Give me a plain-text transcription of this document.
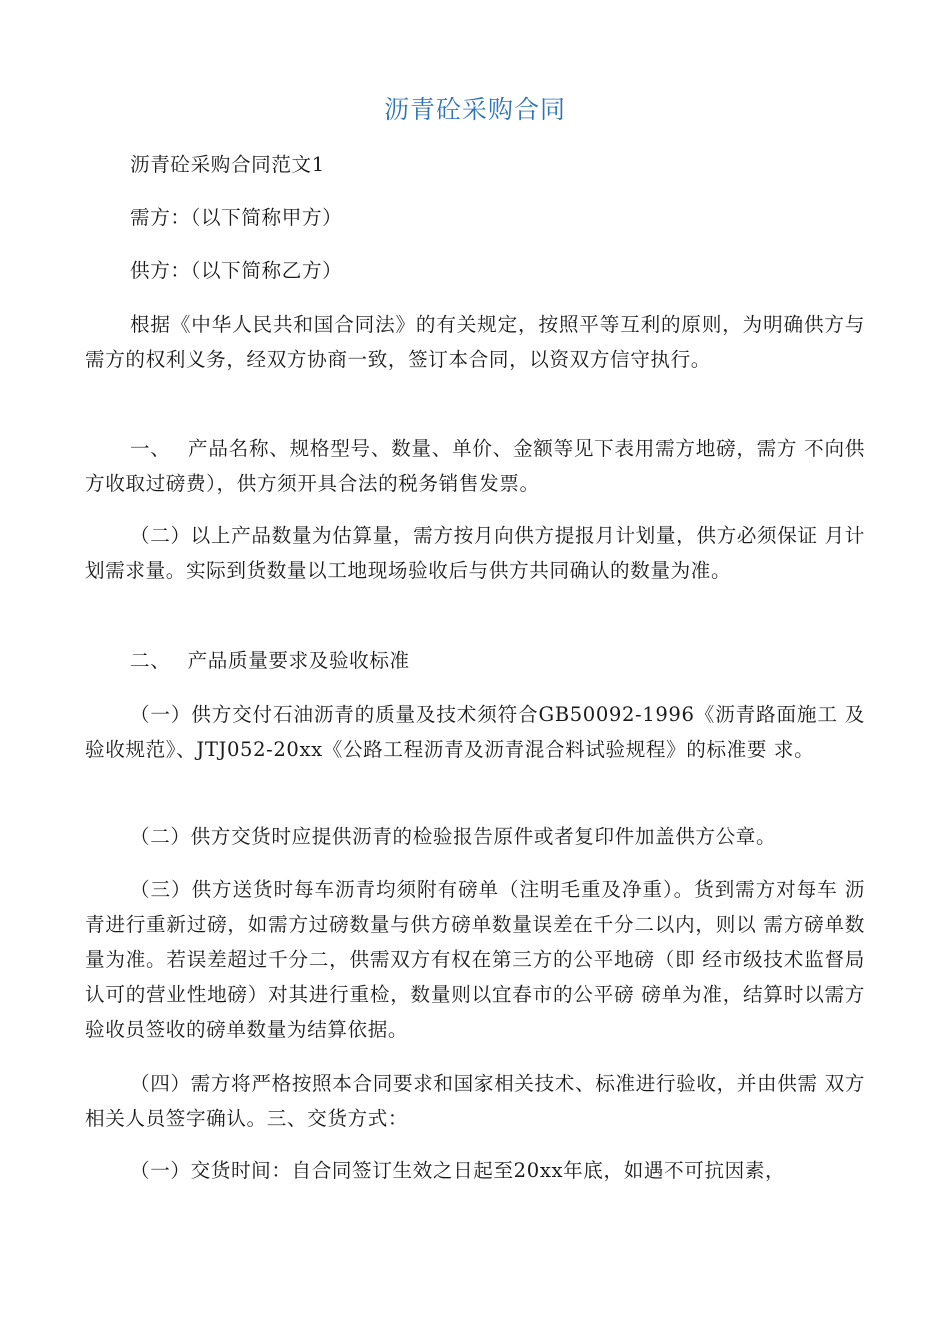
沥青砼采购合同
沥青砼采购合同范文1
需方：（以下简称甲方）
供方：（以下简称乙方）
根据《中华人民共和国合同法》的有关规定，按照平等互利的原则，为明确供方与需方的权利义务，经双方协商一致，签订本合同，以资双方信守执行。
一、　 产品名称、规格型号、数量、单价、金额等见下表用需方地磅，需方 不向供方收取过磅费），供方须开具合法的税务销售发票。
（二）以上产品数量为估算量，需方按月向供方提报月计划量，供方必须保证 月计划需求量。实际到货数量以工地现场验收后与供方共同确认的数量为准。
二、　 产品质量要求及验收标准
（一）供方交付石油沥青的质量及技术须符合GB50092-1996《沥青路面施工 及验收规范》、JTJ052-20xx《公路工程沥青及沥青混合料试验规程》的标准要 求。
（二）供方交货时应提供沥青的检验报告原件或者复印件加盖供方公章。
（三）供方送货时每车沥青均须附有磅单（注明毛重及净重）。货到需方对每车 沥青进行重新过磅，如需方过磅数量与供方磅单数量误差在千分二以内，则以 需方磅单数量为准。若误差超过千分二，供需双方有权在第三方的公平地磅（即 经市级技术监督局认可的营业性地磅）对其进行重检，数量则以宜春市的公平磅 磅单为准，结算时以需方验收员签收的磅单数量为结算依据。
（四）需方将严格按照本合同要求和国家相关技术、标准进行验收，并由供需 双方相关人员签字确认。三、交货方式：
（一）交货时间：自合同签订生效之日起至20xx年底，如遇不可抗因素，
